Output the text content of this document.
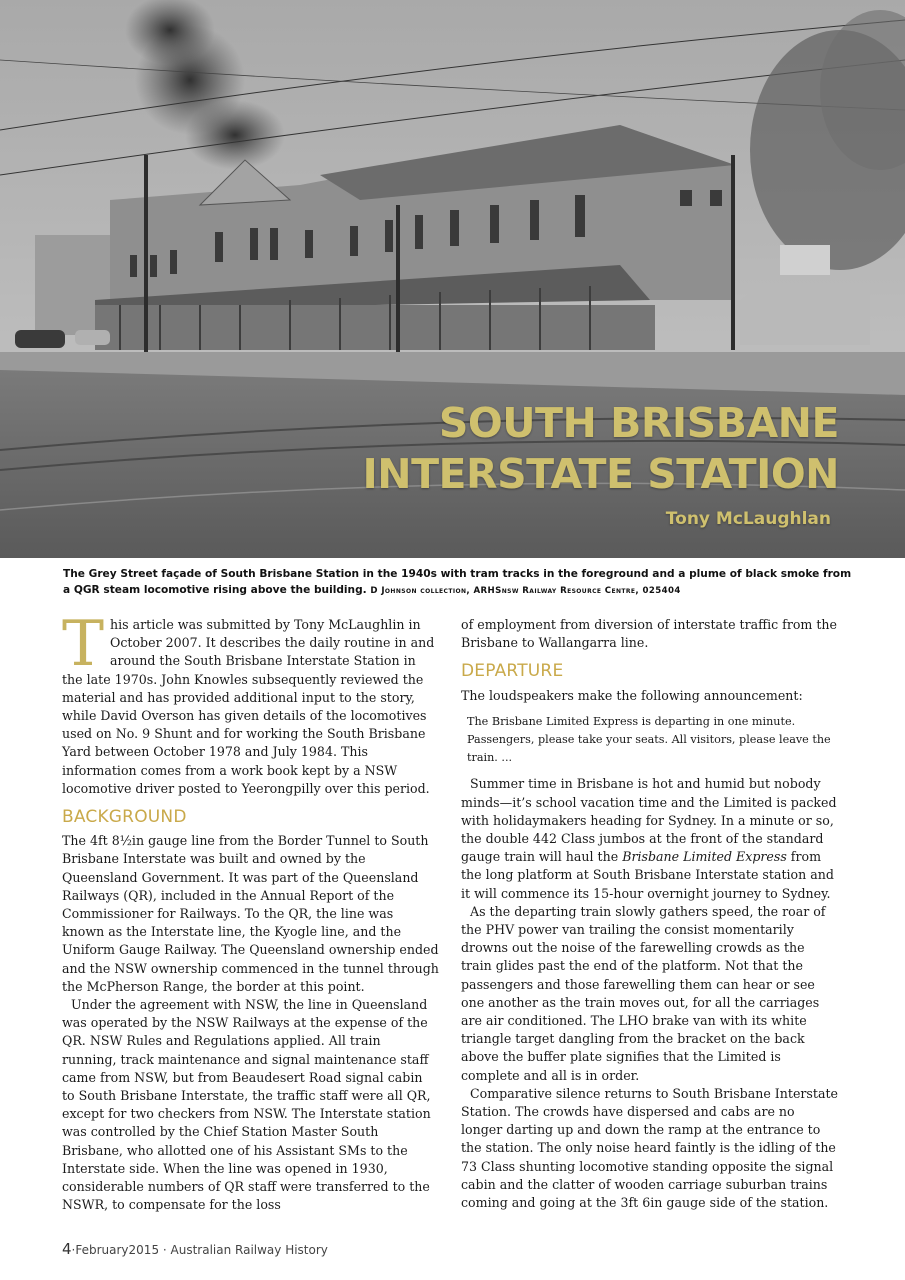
SOUTH BRISBANE
INTERSTATE STATION
Tony McLaughlan
The Grey Street façade of South Brisbane Station in the 1940s with tram tracks in the foreground and a plume of black smoke from a QGR steam locomotive rising above the building. D Johnson collection, ARHSnsw Railway Resource Centre, 025404

This article was submitted by Tony McLaughlin in October 2007. It describes the daily routine in and around the South Brisbane Interstate Station in the late 1970s. John Knowles subsequently reviewed the material and has provided additional input to the story, while David Overson has given details of the locomotives used on No. 9 Shunt and for working the South Brisbane Yard between October 1978 and July 1984. This information comes from a work book kept by a NSW locomotive driver posted to Yeerongpilly over this period.

BACKGROUND

The 4ft 8½in gauge line from the Border Tunnel to South Brisbane Interstate was built and owned by the Queensland Government. It was part of the Queensland Railways (QR), included in the Annual Report of the Commissioner for Railways. To the QR, the line was known as the Interstate line, the Kyogle line, and the Uniform Gauge Railway. The Queensland ownership ended and the NSW ownership commenced in the tunnel through the McPherson Range, the border at this point.

Under the agreement with NSW, the line in Queensland was operated by the NSW Railways at the expense of the QR. NSW Rules and Regulations applied. All train running, track maintenance and signal maintenance staff came from NSW, but from Beaudesert Road signal cabin to South Brisbane Interstate, the traffic staff were all QR, except for two checkers from NSW. The Interstate station was controlled by the Chief Station Master South Brisbane, who allotted one of his Assistant SMs to the Interstate side. When the line was opened in 1930, considerable numbers of QR staff were transferred to the NSWR, to compensate for the loss

of employment from diversion of interstate traffic from the Brisbane to Wallangarra line.

DEPARTURE

The loudspeakers make the following announcement:

The Brisbane Limited Express is departing in one minute. Passengers, please take your seats. All visitors, please leave the train. ...

Summer time in Brisbane is hot and humid but nobody minds—it’s school vacation time and the Limited is packed with holidaymakers heading for Sydney. In a minute or so, the double 442 Class jumbos at the front of the standard gauge train will haul the Brisbane Limited Express from the long platform at South Brisbane Interstate station and it will commence its 15-hour overnight journey to Sydney.

As the departing train slowly gathers speed, the roar of the PHV power van trailing the consist momentarily drowns out the noise of the farewelling crowds as the train glides past the end of the platform. Not that the passengers and those farewelling them can hear or see one another as the train moves out, for all the carriages are air conditioned. The LHO brake van with its white triangle target dangling from the bracket on the back above the buffer plate signifies that the Limited is complete and all is in order.

Comparative silence returns to South Brisbane Interstate Station. The crowds have dispersed and cabs are no longer darting up and down the ramp at the entrance to the station. The only noise heard faintly is the idling of the 73 Class shunting locomotive standing opposite the signal cabin and the clatter of wooden carriage suburban trains coming and going at the 3ft 6in gauge side of the station.

4·February2015 · Australian Railway History
